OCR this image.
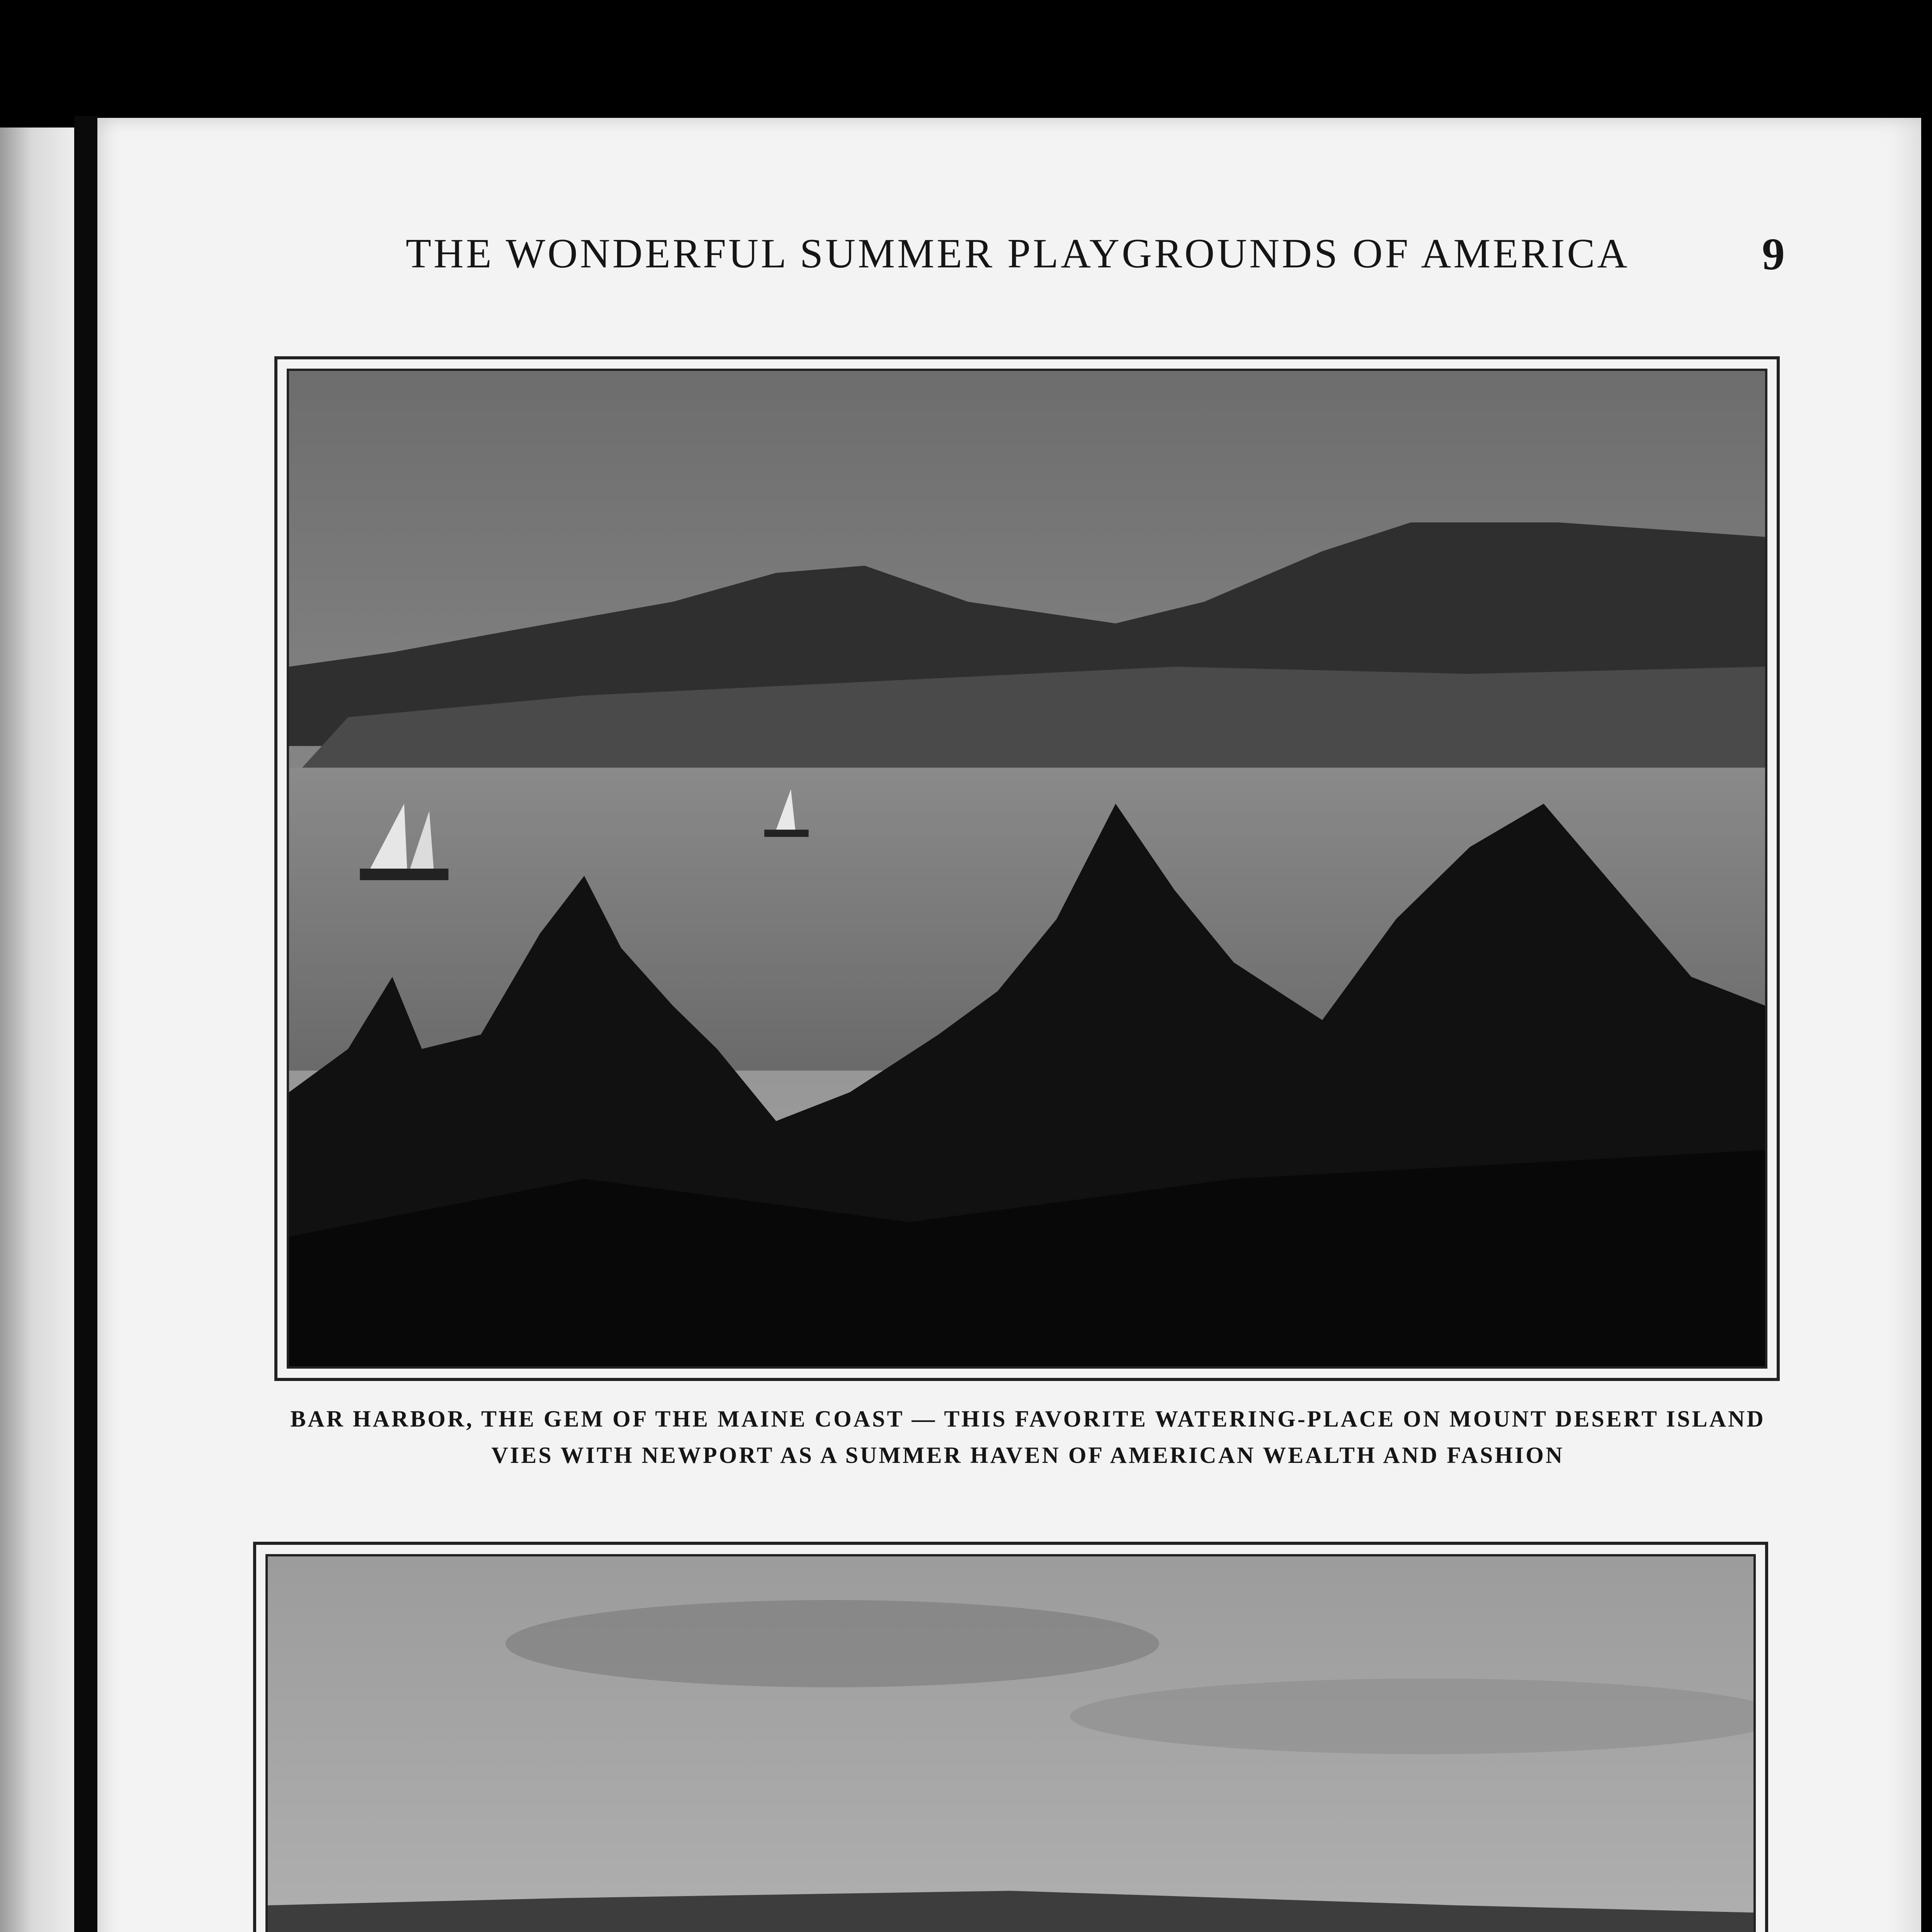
THE WONDERFUL SUMMER PLAYGROUNDS OF AMERICA	9
BAR HARBOR, THE GEM OF THE MAINE COAST — THIS FAVORITE WATERING-PLACE ON MOUNT DESERT ISLAND VIES WITH NEWPORT AS A SUMMER HAVEN OF AMERICAN WEALTH AND FASHION
